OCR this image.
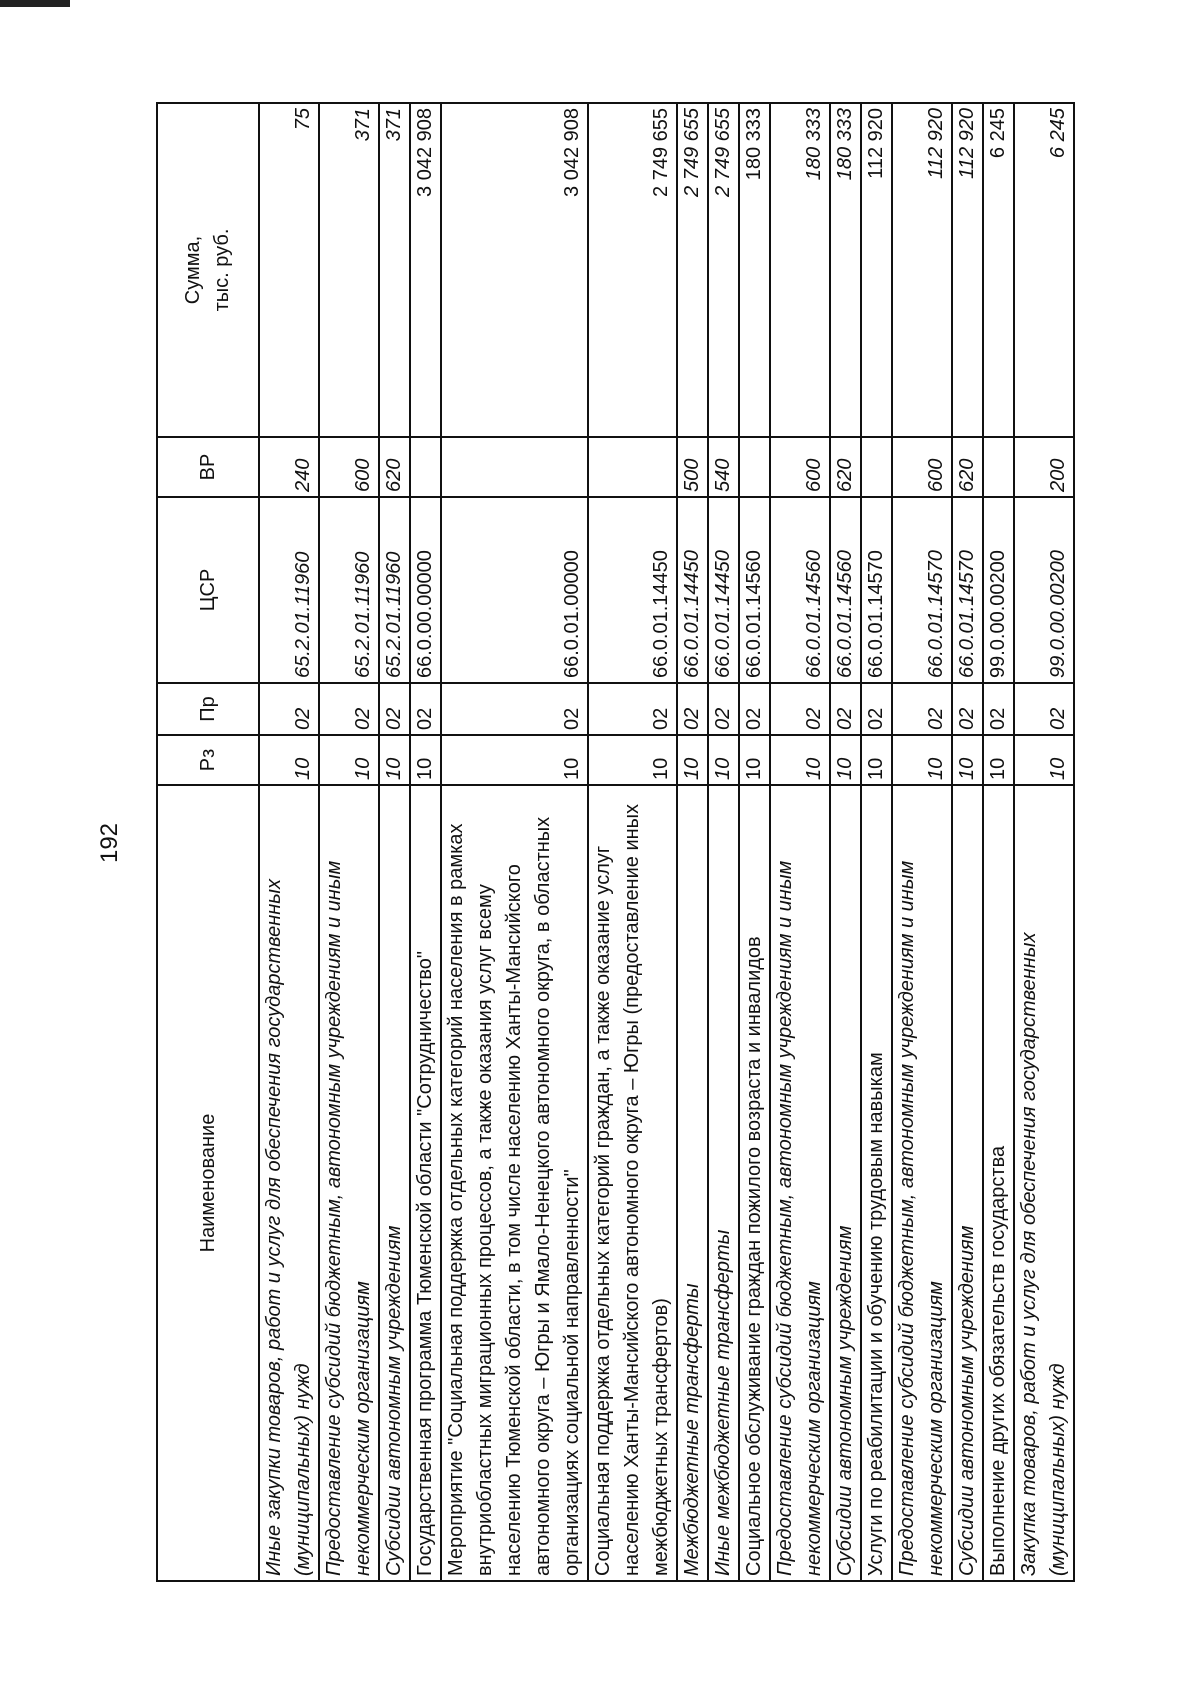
192
Наименование	Рз	Пр	ЦСР	ВР	Сумма, тыс. руб.

Иные закупки товаров, работ и услуг для обеспечения государственных (муниципальных) нужд	10	02	65.2.01.11960	240	75
Предоставление субсидий бюджетным, автономным учреждениям и иным некоммерческим организациям	10	02	65.2.01.11960	600	371
Субсидии автономным учреждениям	10	02	65.2.01.11960	620	371
Государственная программа Тюменской области "Сотрудничество"	10	02	66.0.00.00000		3 042 908
Мероприятие "Социальная поддержка отдельных категорий населения в рамках внутриобластных миграционных процессов, а также оказания услуг всему населению Тюменской области, в том числе населению Ханты-Мансийского автономного округа – Югры и Ямало-Ненецкого автономного округа, в областных организациях социальной направленности"	10	02	66.0.01.00000		3 042 908
Социальная поддержка отдельных категорий граждан, а также оказание услуг населению Ханты-Мансийского автономного округа – Югры (предоставление иных межбюджетных трансфертов)	10	02	66.0.01.14450		2 749 655
Межбюджетные трансферты	10	02	66.0.01.14450	500	2 749 655
Иные межбюджетные трансферты	10	02	66.0.01.14450	540	2 749 655
Социальное обслуживание граждан пожилого возраста и инвалидов	10	02	66.0.01.14560		180 333
Предоставление субсидий бюджетным, автономным учреждениям и иным некоммерческим организациям	10	02	66.0.01.14560	600	180 333
Субсидии автономным учреждениям	10	02	66.0.01.14560	620	180 333
Услуги по реабилитации и обучению трудовым навыкам	10	02	66.0.01.14570		112 920
Предоставление субсидий бюджетным, автономным учреждениям и иным некоммерческим организациям	10	02	66.0.01.14570	600	112 920
Субсидии автономным учреждениям	10	02	66.0.01.14570	620	112 920
Выполнение других обязательств государства	10	02	99.0.00.00200		6 245
Закупка товаров, работ и услуг для обеспечения государственных (муниципальных) нужд	10	02	99.0.00.00200	200	6 245
